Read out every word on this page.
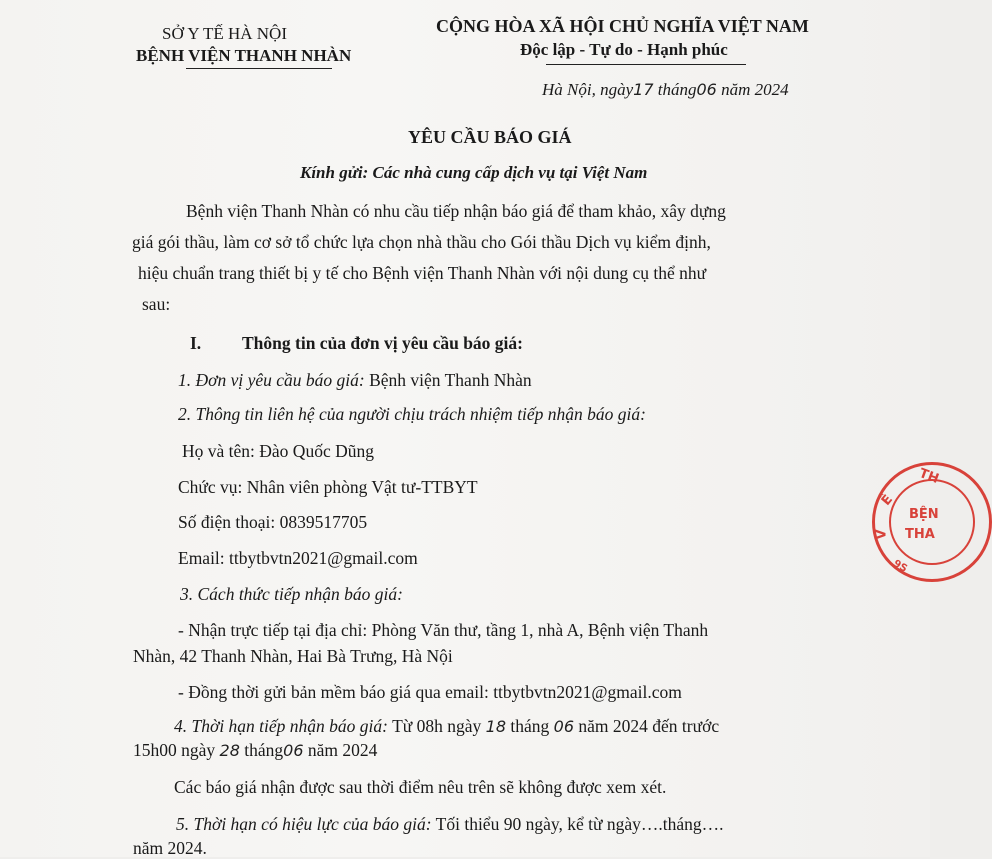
SỞ Y TẾ HÀ NỘI
BỆNH VIỆN THANH NHÀN
CỘNG HÒA XÃ HỘI CHỦ NGHĨA VIỆT NAM
Độc lập - Tự do - Hạnh phúc
Hà Nội, ngày17 tháng06 năm 2024
YÊU CẦU BÁO GIÁ
Kính gửi: Các nhà cung cấp dịch vụ tại Việt Nam
Bệnh viện Thanh Nhàn có nhu cầu tiếp nhận báo giá để tham khảo, xây dựng
giá gói thầu, làm cơ sở tổ chức lựa chọn nhà thầu cho Gói thầu Dịch vụ kiểm định,
hiệu chuẩn trang thiết bị y tế cho Bệnh viện Thanh Nhàn với nội dung cụ thể như
sau:
I. Thông tin của đơn vị yêu cầu báo giá:
1. Đơn vị yêu cầu báo giá: Bệnh viện Thanh Nhàn
2. Thông tin liên hệ của người chịu trách nhiệm tiếp nhận báo giá:
Họ và tên: Đào Quốc Dũng
Chức vụ: Nhân viên phòng Vật tư-TTBYT
Số điện thoại: 0839517705
Email: ttbytbvtn2021@gmail.com
3. Cách thức tiếp nhận báo giá:
- Nhận trực tiếp tại địa chỉ: Phòng Văn thư, tầng 1, nhà A, Bệnh viện Thanh
Nhàn, 42 Thanh Nhàn, Hai Bà Trưng, Hà Nội
- Đồng thời gửi bản mềm báo giá qua email: ttbytbvtn2021@gmail.com
4. Thời hạn tiếp nhận báo giá: Từ 08h ngày 18 tháng 06 năm 2024 đến trước
15h00 ngày 28 tháng06 năm 2024
Các báo giá nhận được sau thời điểm nêu trên sẽ không được xem xét.
5. Thời hạn có hiệu lực của báo giá: Tối thiểu 90 ngày, kể từ ngày….tháng….
năm 2024.
TH
BỆN
THA
Ế
V
9S
